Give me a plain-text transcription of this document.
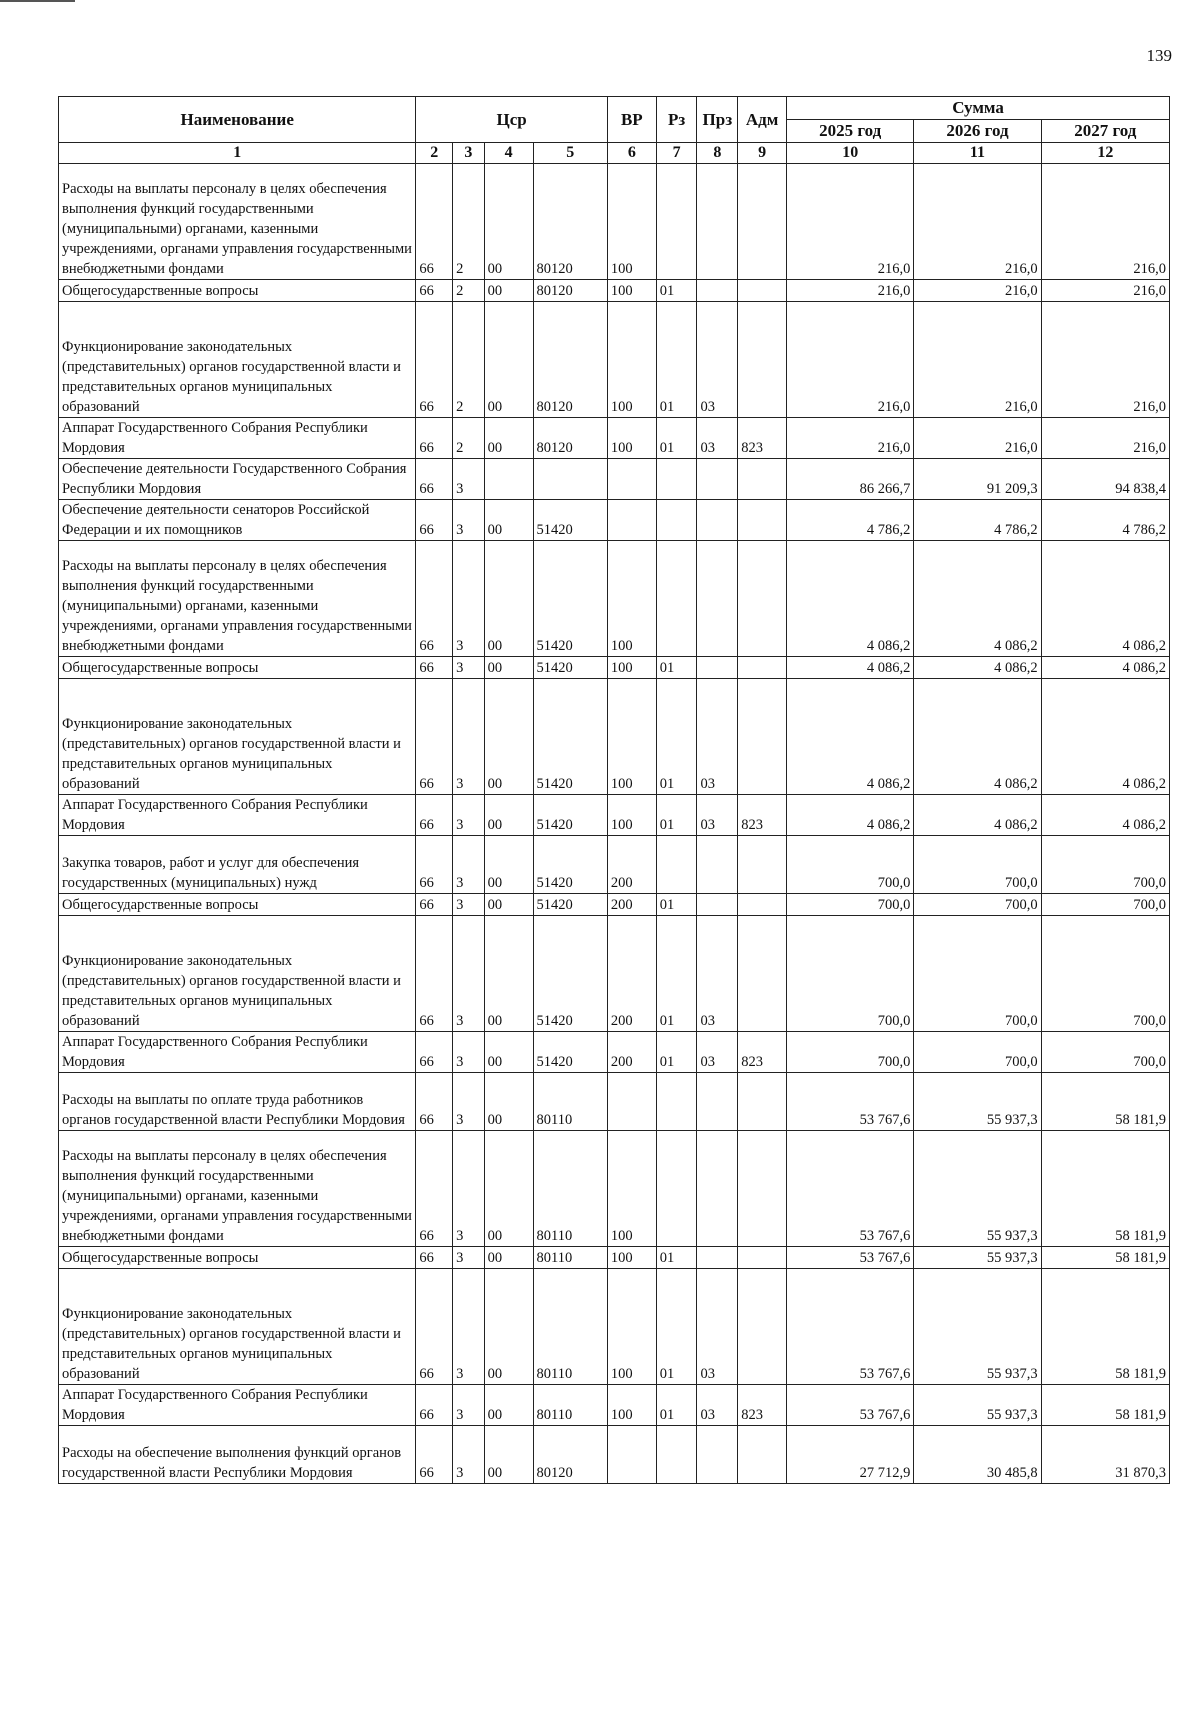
139
Наименование	Цср				ВР	Рз	Прз	Адм	Сумма		
									2025 год	2026 год	2027 год
1	2	3	4	5	6	7	8	9	10	11	12
Расходы на выплаты персоналу в целях обеспечения выполнения функций государственными (муниципальными) органами, казенными учреждениями, органами управления государственными внебюджетными фондами	66	2	00	80120	100				216,0	216,0	216,0
Общегосударственные вопросы	66	2	00	80120	100	01			216,0	216,0	216,0
Функционирование законодательных (представительных) органов государственной власти и представительных органов муниципальных образований	66	2	00	80120	100	01	03		216,0	216,0	216,0
Аппарат Государственного Собрания Республики Мордовия	66	2	00	80120	100	01	03	823	216,0	216,0	216,0
Обеспечение деятельности Государственного Собрания Республики Мордовия	66	3							86 266,7	91 209,3	94 838,4
Обеспечение деятельности сенаторов Российской Федерации и их помощников	66	3	00	51420					4 786,2	4 786,2	4 786,2
Расходы на выплаты персоналу в целях обеспечения выполнения функций государственными (муниципальными) органами, казенными учреждениями, органами управления государственными внебюджетными фондами	66	3	00	51420	100				4 086,2	4 086,2	4 086,2
Общегосударственные вопросы	66	3	00	51420	100	01			4 086,2	4 086,2	4 086,2
Функционирование законодательных (представительных) органов государственной власти и представительных органов муниципальных образований	66	3	00	51420	100	01	03		4 086,2	4 086,2	4 086,2
Аппарат Государственного Собрания Республики Мордовия	66	3	00	51420	100	01	03	823	4 086,2	4 086,2	4 086,2
Закупка товаров, работ и услуг для обеспечения государственных (муниципальных) нужд	66	3	00	51420	200				700,0	700,0	700,0
Общегосударственные вопросы	66	3	00	51420	200	01			700,0	700,0	700,0
Функционирование законодательных (представительных) органов государственной власти и представительных органов муниципальных образований	66	3	00	51420	200	01	03		700,0	700,0	700,0
Аппарат Государственного Собрания Республики Мордовия	66	3	00	51420	200	01	03	823	700,0	700,0	700,0
Расходы на выплаты по оплате труда работников органов государственной власти Республики Мордовия	66	3	00	80110					53 767,6	55 937,3	58 181,9
Расходы на выплаты персоналу в целях обеспечения выполнения функций государственными (муниципальными) органами, казенными учреждениями, органами управления государственными внебюджетными фондами	66	3	00	80110	100				53 767,6	55 937,3	58 181,9
Общегосударственные вопросы	66	3	00	80110	100	01			53 767,6	55 937,3	58 181,9
Функционирование законодательных (представительных) органов государственной власти и представительных органов муниципальных образований	66	3	00	80110	100	01	03		53 767,6	55 937,3	58 181,9
Аппарат Государственного Собрания Республики Мордовия	66	3	00	80110	100	01	03	823	53 767,6	55 937,3	58 181,9
Расходы на обеспечение выполнения функций органов государственной власти Республики Мордовия	66	3	00	80120					27 712,9	30 485,8	31 870,3
